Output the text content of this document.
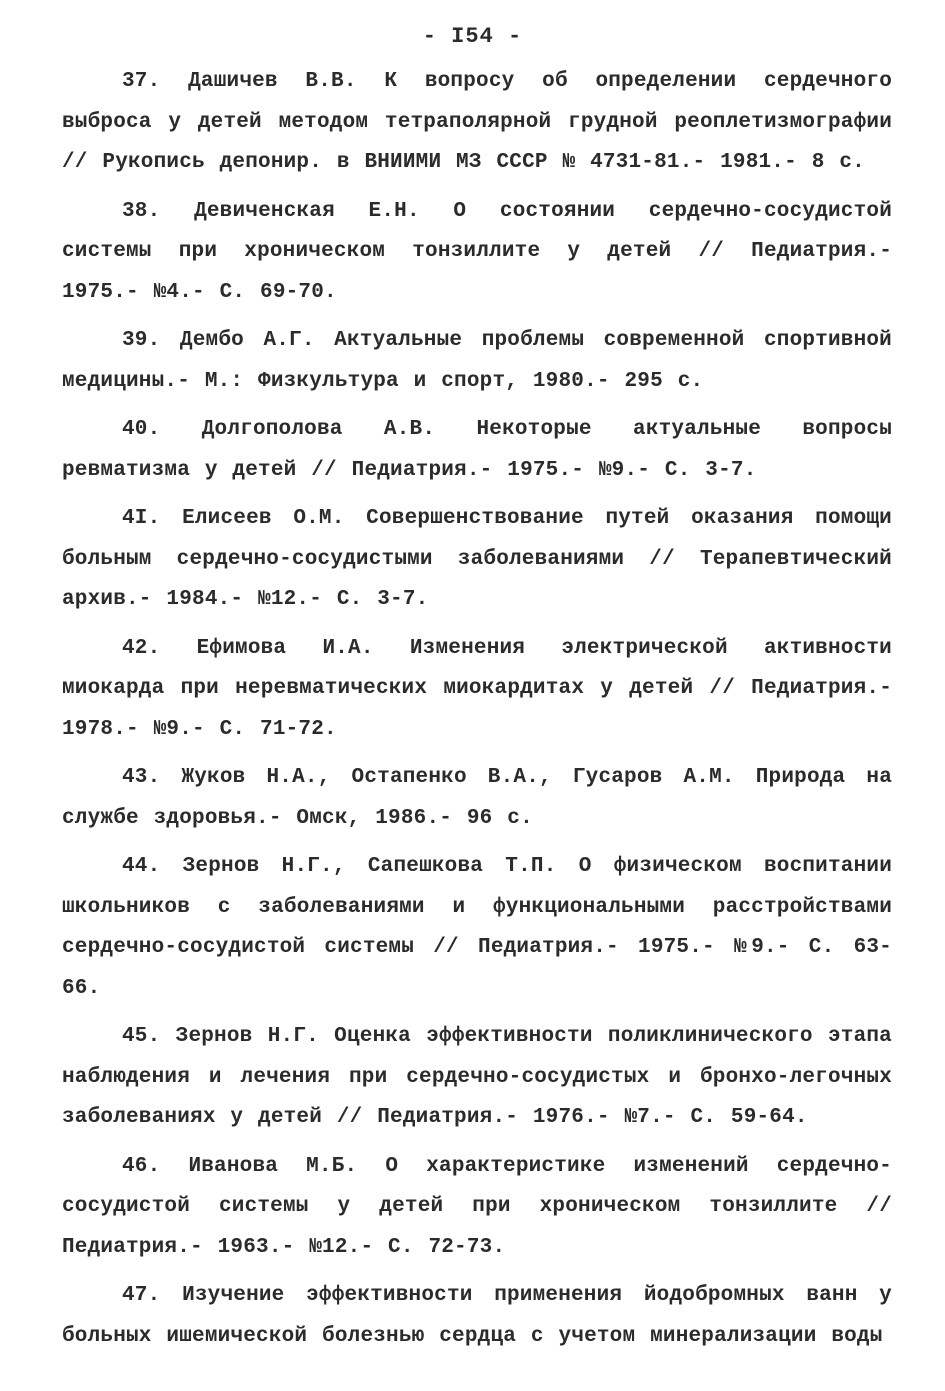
- I54 -

37. Дашичев В.В. К вопросу об определении сердечного выброса у детей методом тетраполярной грудной реоплетизмографии // Рукопись депонир. в ВНИИМИ МЗ СССР № 4731-81.- 1981.- 8 с.

38. Девиченская Е.Н. О состоянии сердечно-сосудистой системы при хроническом тонзиллите у детей // Педиатрия.- 1975.- №4.- С. 69-70.

39. Дембо А.Г. Актуальные проблемы современной спортивной медицины.- М.: Физкультура и спорт, 1980.- 295 с.

40. Долгополова А.В. Некоторые актуальные вопросы ревматизма у детей // Педиатрия.- 1975.- №9.- С. 3-7.

4I. Елисеев О.М. Совершенствование путей оказания помощи больным сердечно-сосудистыми заболеваниями // Терапевтический архив.- 1984.- №12.- С. 3-7.

42. Ефимова И.А. Изменения электрической активности миокарда при неревматических миокардитах у детей // Педиатрия.- 1978.- №9.- С. 71-72.

43. Жуков Н.А., Остапенко В.А., Гусаров А.М. Природа на службе здоровья.- Омск, 1986.- 96 с.

44. Зернов Н.Г., Сапешкова Т.П. О физическом воспитании школьников с заболеваниями и функциональными расстройствами сердечно-сосудистой системы // Педиатрия.- 1975.- №9.- С. 63-66.

45. Зернов Н.Г. Оценка эффективности поликлинического этапа наблюдения и лечения при сердечно-сосудистых и бронхо-легочных заболеваниях у детей // Педиатрия.- 1976.- №7.- С. 59-64.

46. Иванова М.Б. О характеристике изменений сердечно-сосудистой системы у детей при хроническом тонзиллите // Педиатрия.- 1963.- №12.- С. 72-73.

47. Изучение эффективности применения йодобромных ванн у больных ишемической болезнью сердца с учетом минерализации воды
